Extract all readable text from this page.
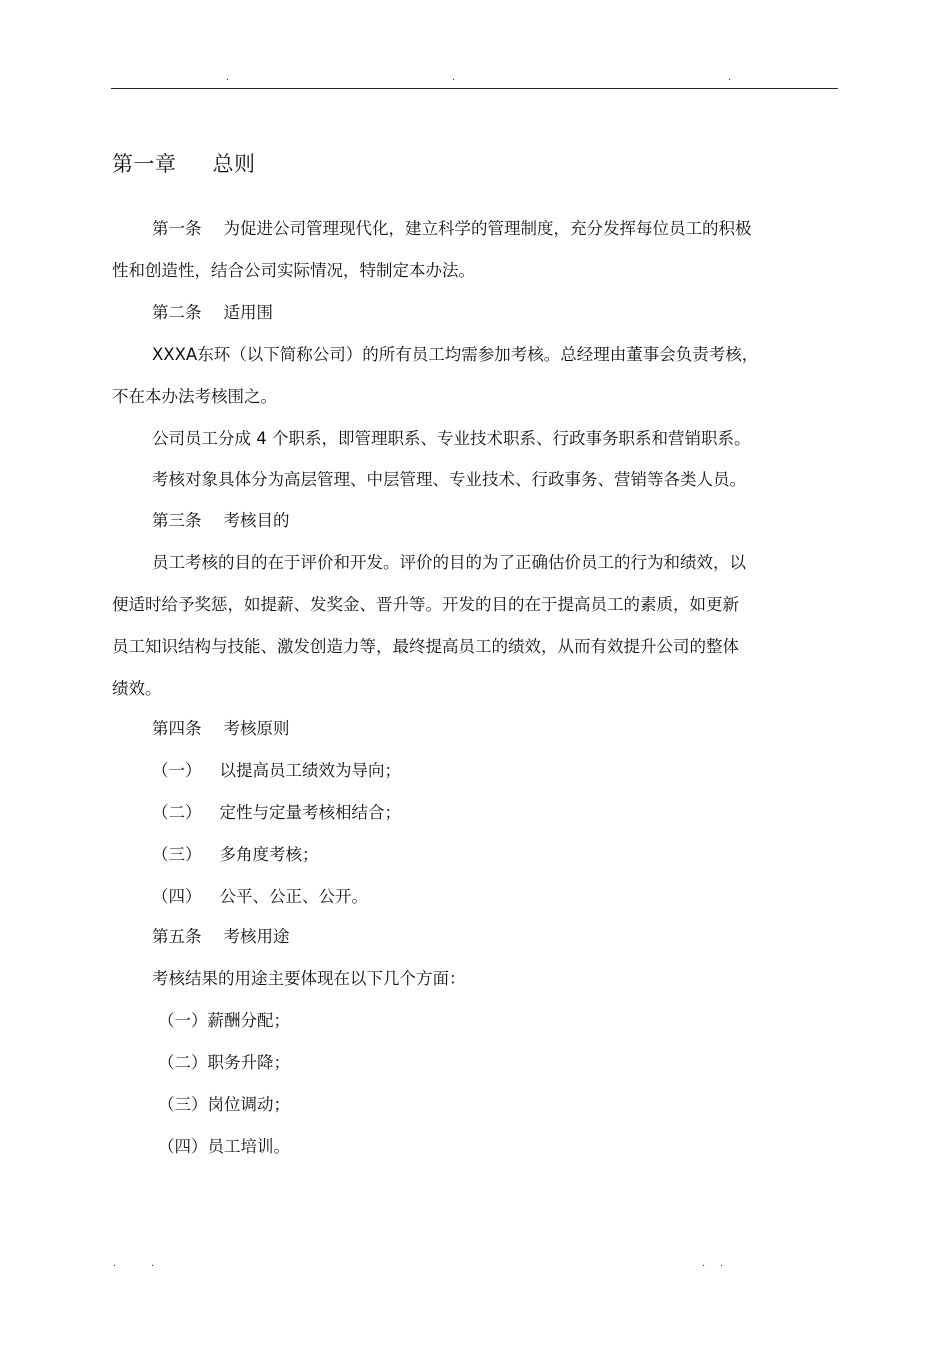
.	.	.
第一章 总则
第一条 为促进公司管理现代化，建立科学的管理制度，充分发挥每位员工的积极
性和创造性，结合公司实际情况，特制定本办法。
第二条 适用围
XXXA东环（以下简称公司）的所有员工均需参加考核。总经理由董事会负责考核，
不在本办法考核围之。
公司员工分成 4 个职系，即管理职系、专业技术职系、行政事务职系和营销职系。
考核对象具体分为高层管理、中层管理、专业技术、行政事务、营销等各类人员。
第三条 考核目的
员工考核的目的在于评价和开发。评价的目的为了正确估价员工的行为和绩效，以
便适时给予奖惩，如提薪、发奖金、晋升等。开发的目的在于提高员工的素质，如更新
员工知识结构与技能、激发创造力等，最终提高员工的绩效，从而有效提升公司的整体
绩效。
第四条 考核原则
（一） 以提高员工绩效为导向；
（二） 定性与定量考核相结合；
（三） 多角度考核；
（四） 公平、公正、公开。
第五条 考核用途
考核结果的用途主要体现在以下几个方面：
（一）薪酬分配；
（二）职务升降；
（三）岗位调动；
（四）员工培训。
.	.	. .
